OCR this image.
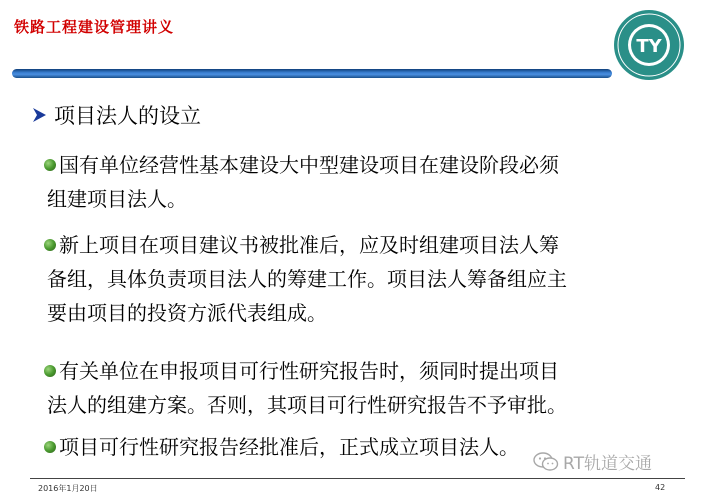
铁路工程建设管理讲义
TY
项目法人的设立
国有单位经营性基本建设大中型建设项目在建设阶段必须
组建项目法人。
新上项目在项目建议书被批准后，应及时组建项目法人筹
备组，具体负责项目法人的筹建工作。项目法人筹备组应主
要由项目的投资方派代表组成。
有关单位在申报项目可行性研究报告时，须同时提出项目
法人的组建方案。否则，其项目可行性研究报告不予审批。
项目可行性研究报告经批准后，正式成立项目法人。
RT轨道交通
2016年1月20日	42
